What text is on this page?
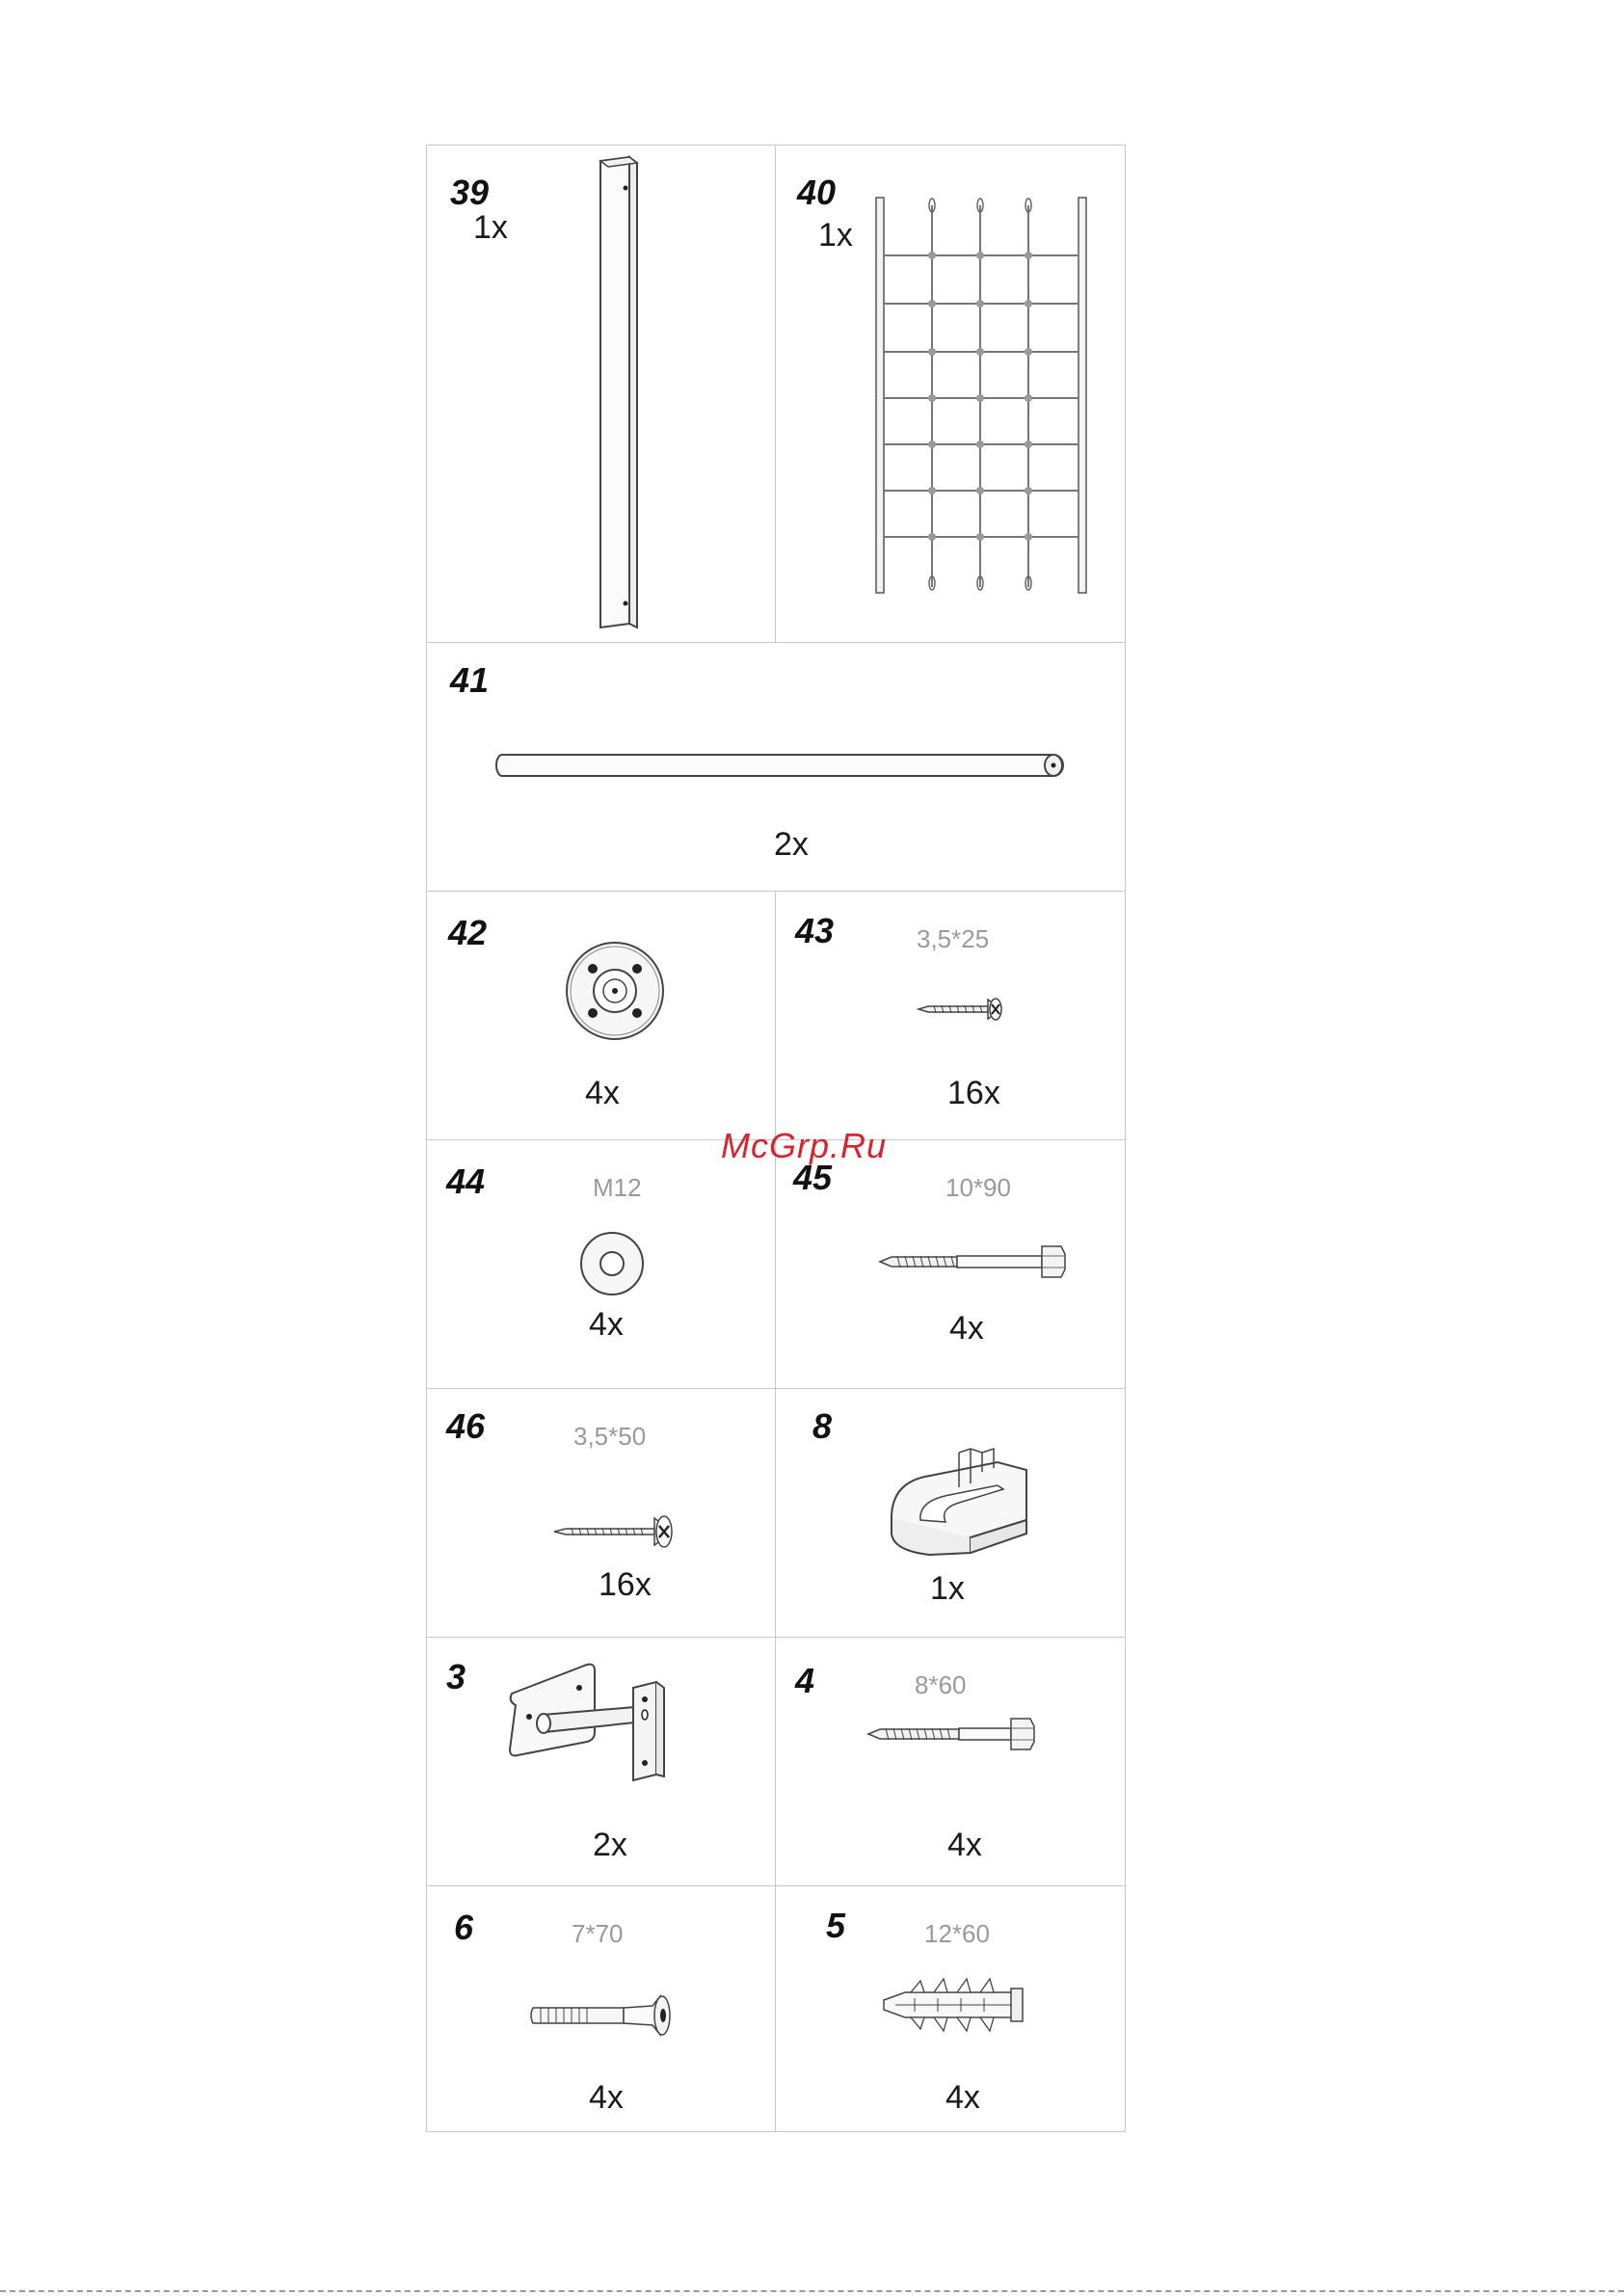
39
1x
40
1x
41
2x
42
4x
43	3,5*25
16x
44	M12
4x
45	10*90
4x
46	3,5*50
16x
8
1x
3
2x
4	8*60
4x
6	7*70
4x
5	12*60
4x
McGrp.Ru
